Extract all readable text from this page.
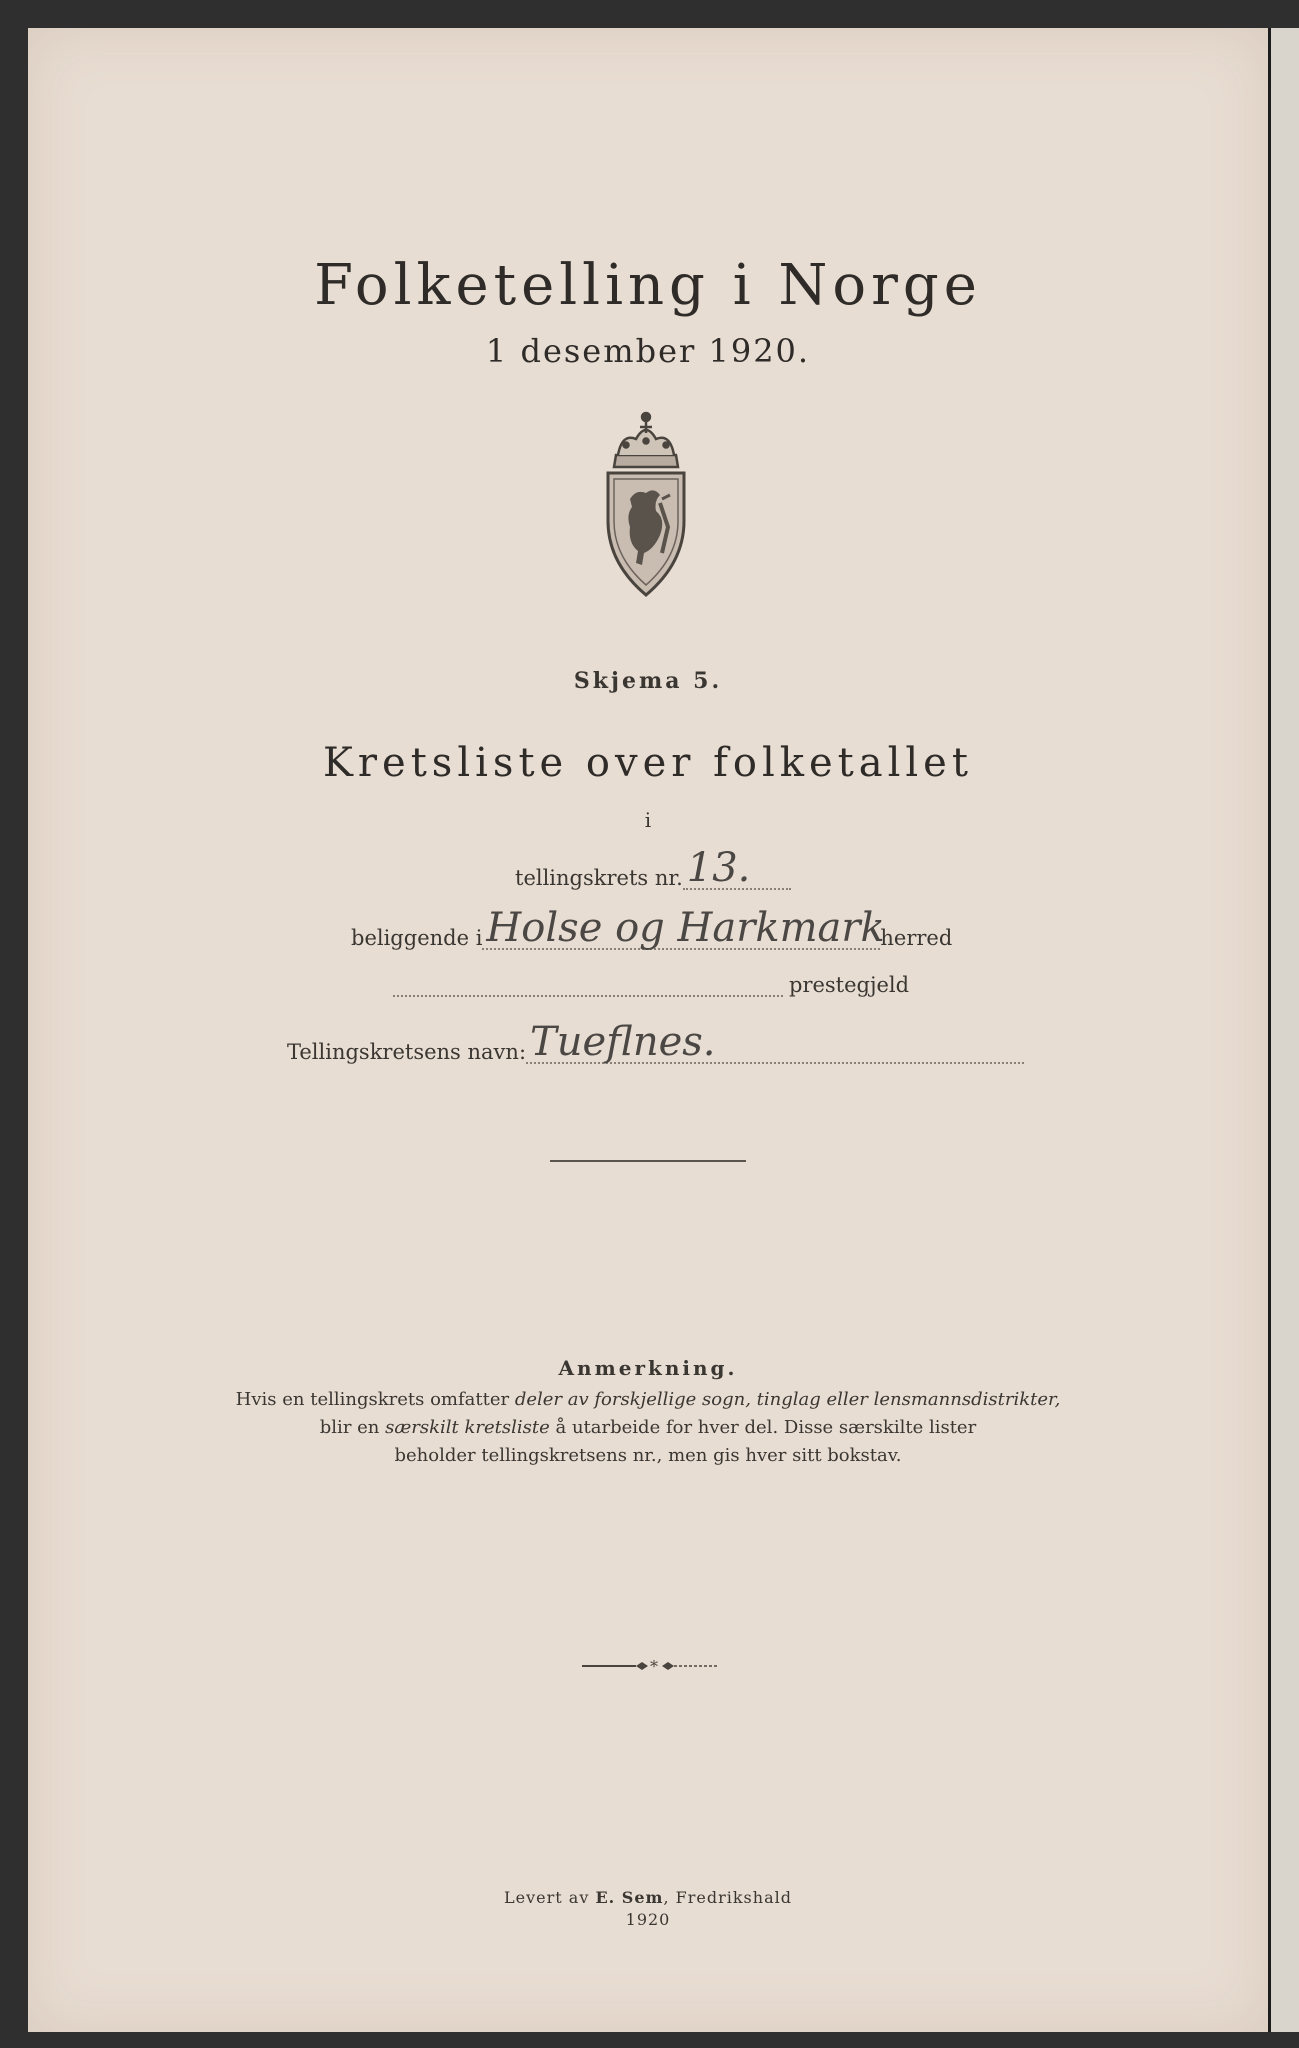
Folketelling i Norge
1 desember 1920.
Skjema 5.
Kretsliste over folketallet
i
tellingskrets nr. 13.
beliggende i Holse og Harkmark
herred
prestegjeld
Tellingskretsens navn: Tueflnes.
Anmerkning.
Hvis en tellingskrets omfatter deler av forskjellige sogn, tinglag eller lensmannsdistrikter,
blir en særskilt kretsliste å utarbeide for hver del. Disse særskilte lister
beholder tellingskretsens nr., men gis hver sitt bokstav.
*
Levert av E. Sem, Fredrikshald
1920
